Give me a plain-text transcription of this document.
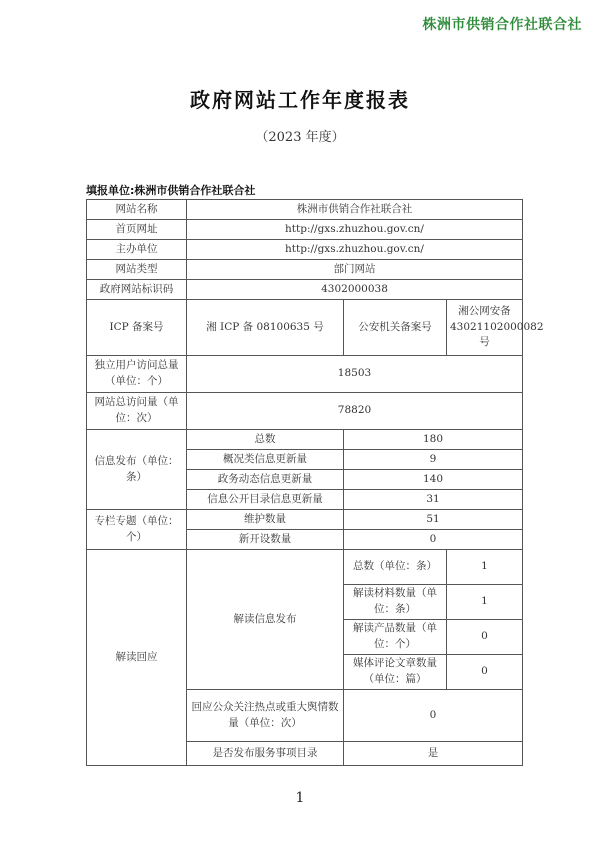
株洲市供销合作社联合社
政府网站工作年度报表
（2023 年度）
填报单位:株洲市供销合作社联合社
网站名称	株洲市供销合作社联合社		
首页网址	http://gxs.zhuzhou.gov.cn/		
主办单位	http://gxs.zhuzhou.gov.cn/		
网站类型	部门网站		
政府网站标识码	4302000038		
ICP 备案号	湘 ICP 备 08100635 号	公安机关备案号	湘公网安备 43021102000082 号
独立用户访问总量（单位：个）	18503		
网站总访问量（单位：次）	78820		
信息发布（单位：条）	总数	180	
	概况类信息更新量	9	
	政务动态信息更新量	140	
	信息公开目录信息更新量	31	
专栏专题（单位：个）	维护数量	51	
	新开设数量	0	
解读回应	解读信息发布	总数（单位：条）	1
		解读材料数量（单位：条）	1
		解读产品数量（单位：个）	0
		媒体评论文章数量（单位：篇）	0
	回应公众关注热点或重大舆情数量（单位：次）	0	
	是否发布服务事项目录	是	
1
